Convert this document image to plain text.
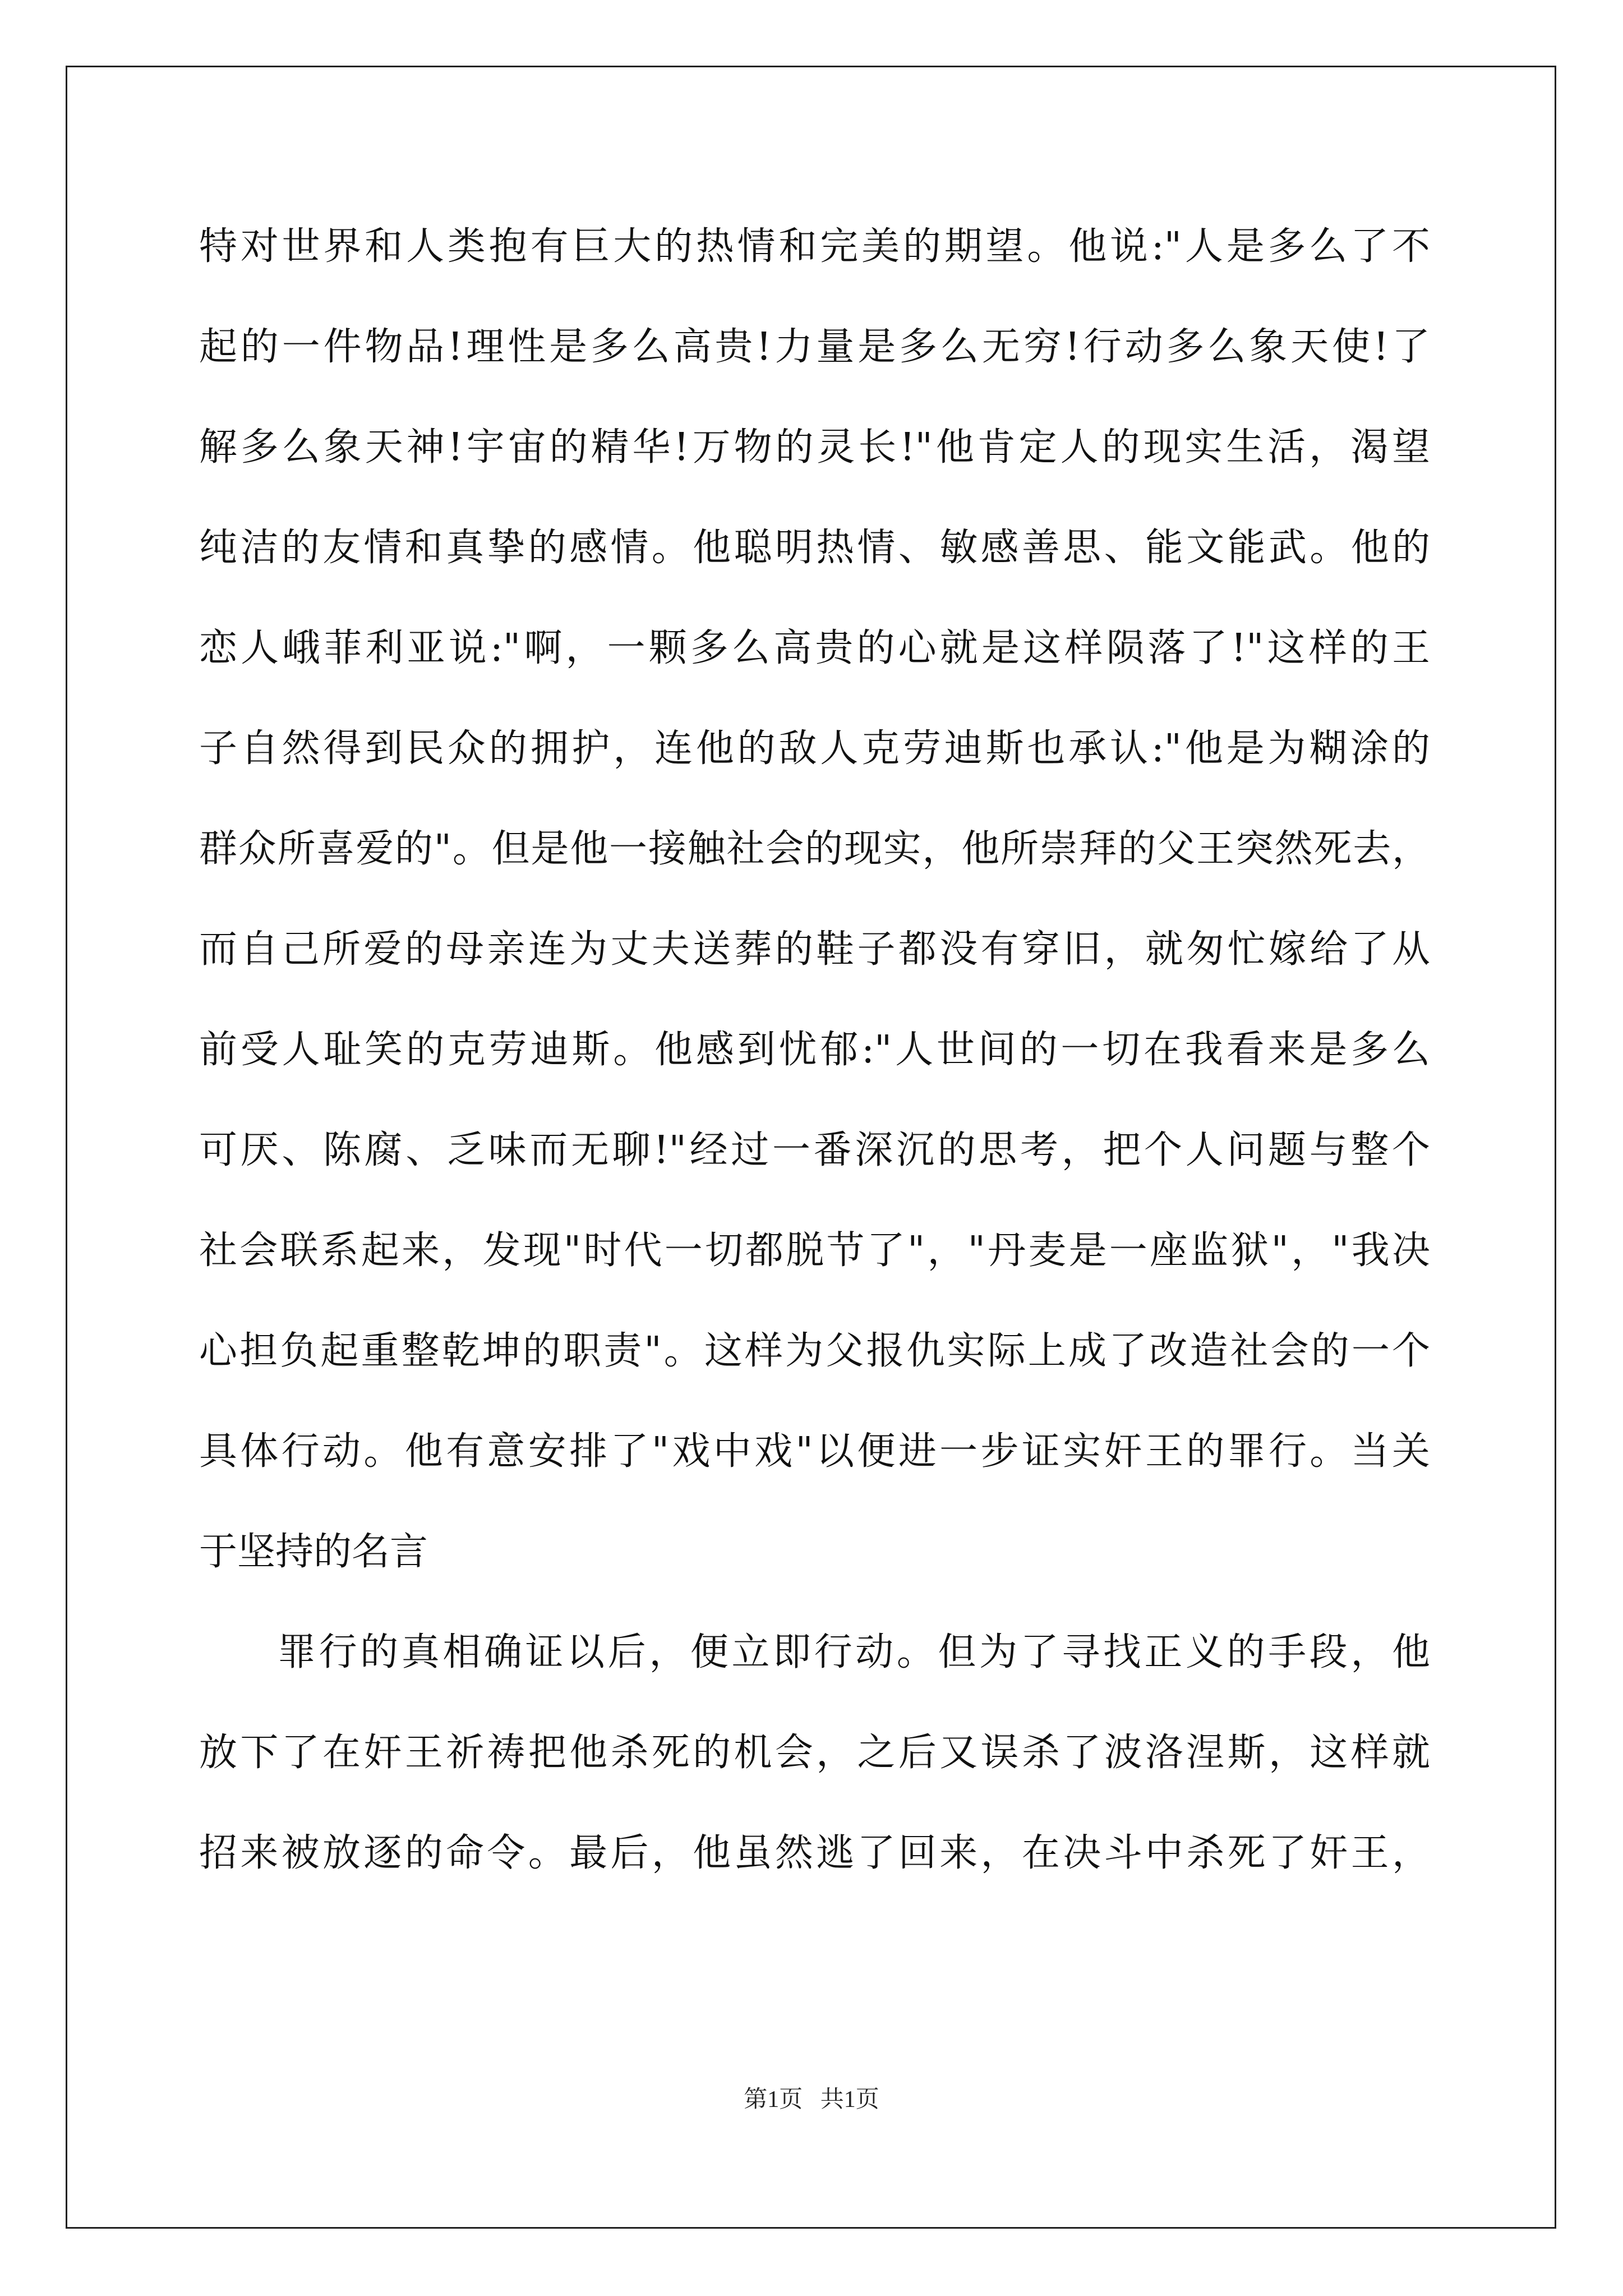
特对世界和人类抱有巨大的热情和完美的期望。他说:"人是多么了不
起的一件物品!理性是多么高贵!力量是多么无穷!行动多么象天使!了
解多么象天神!宇宙的精华!万物的灵长!"他肯定人的现实生活，渴望
纯洁的友情和真挚的感情。他聪明热情、敏感善思、能文能武。他的
恋人峨菲利亚说:"啊，一颗多么高贵的心就是这样陨落了!"这样的王
子自然得到民众的拥护，连他的敌人克劳迪斯也承认:"他是为糊涂的
群众所喜爱的"。但是他一接触社会的现实，他所崇拜的父王突然死去，
而自己所爱的母亲连为丈夫送葬的鞋子都没有穿旧，就匆忙嫁给了从
前受人耻笑的克劳迪斯。他感到忧郁:"人世间的一切在我看来是多么
可厌、陈腐、乏味而无聊!"经过一番深沉的思考，把个人问题与整个
社会联系起来，发现"时代一切都脱节了"，"丹麦是一座监狱"，"我决
心担负起重整乾坤的职责"。这样为父报仇实际上成了改造社会的一个
具体行动。他有意安排了"戏中戏"以便进一步证实奸王的罪行。当关
于坚持的名言
罪行的真相确证以后，便立即行动。但为了寻找正义的手段，他
放下了在奸王祈祷把他杀死的机会，之后又误杀了波洛涅斯，这样就
招来被放逐的命令。最后，他虽然逃了回来，在决斗中杀死了奸王，
第1页   共1页
